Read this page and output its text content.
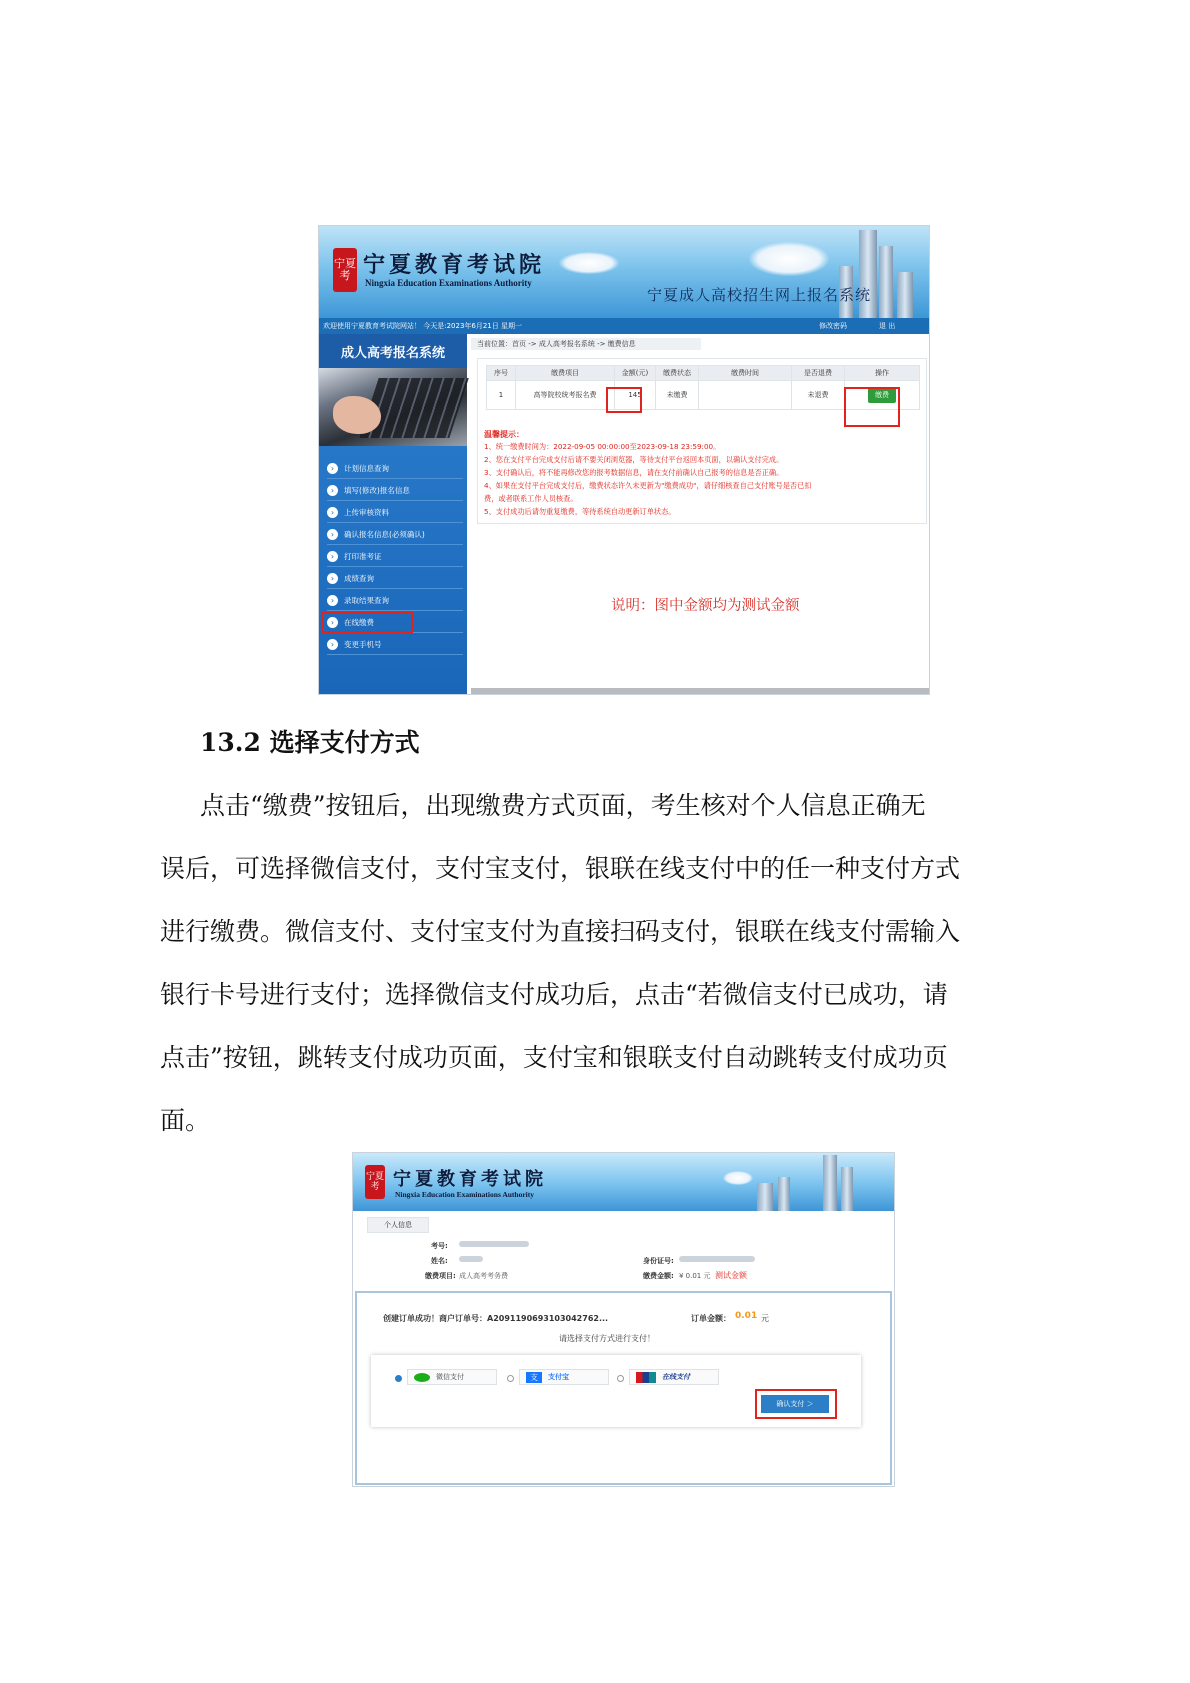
宁夏考 宁夏教育考试院
Ningxia Education Examinations Authority
宁夏成人高校招生网上报名系统
欢迎使用宁夏教育考试院网站！ 今天是:2023年6月21日 星期一	修改密码	退 出
成人高考报名系统
›	计划信息查询
›	填写(修改)报名信息
›	上传审核资料
›	确认报名信息(必须确认)
›	打印准考证
›	成绩查询
›	录取结果查询
›	在线缴费
›	变更手机号
当前位置：首页 -> 成人高考报名系统 -> 缴费信息
序号	缴费项目	金额(元)	缴费状态	缴费时间	是否退费	操作
1	高等院校统考报名费	145	未缴费		未退费	缴费
温馨提示：
1、统一缴费时间为：2022-09-05 00:00:00至2023-09-18 23:59:00。
2、您在支付平台完成支付后请不要关闭浏览器，等待支付平台返回本页面，以确认支付完成。
3、支付确认后，将不能再修改您的报考数据信息，请在支付前确认自己报考的信息是否正确。
4、如果在支付平台完成支付后，缴费状态许久未更新为"缴费成功"，请仔细核查自己支付账号是否已扣
费，或者联系工作人员核查。
5、支付成功后请勿重复缴费，等待系统自动更新订单状态。
说明：图中金额均为测试金额
13.2 选择支付方式
点击“缴费”按钮后，出现缴费方式页面，考生核对个人信息正确无
误后，可选择微信支付，支付宝支付，银联在线支付中的任一种支付方式
进行缴费。微信支付、支付宝支付为直接扫码支付，银联在线支付需输入
银行卡号进行支付；选择微信支付成功后，点击“若微信支付已成功，请
点击”按钮，跳转支付成功页面，支付宝和银联支付自动跳转支付成功页
面。
宁夏考 宁夏教育考试院
Ningxia Education Examinations Authority
个人信息
考号:
姓名:	身份证号:
缴费项目: 成人高考考务费	缴费金额: ¥ 0.01 元 测试金额
创建订单成功！商户订单号：A2091190693103042762...	订单金额： 0.01 元
请选择支付方式进行支付！
微信支付	支	支付宝	在线支付
确认支付 ＞
